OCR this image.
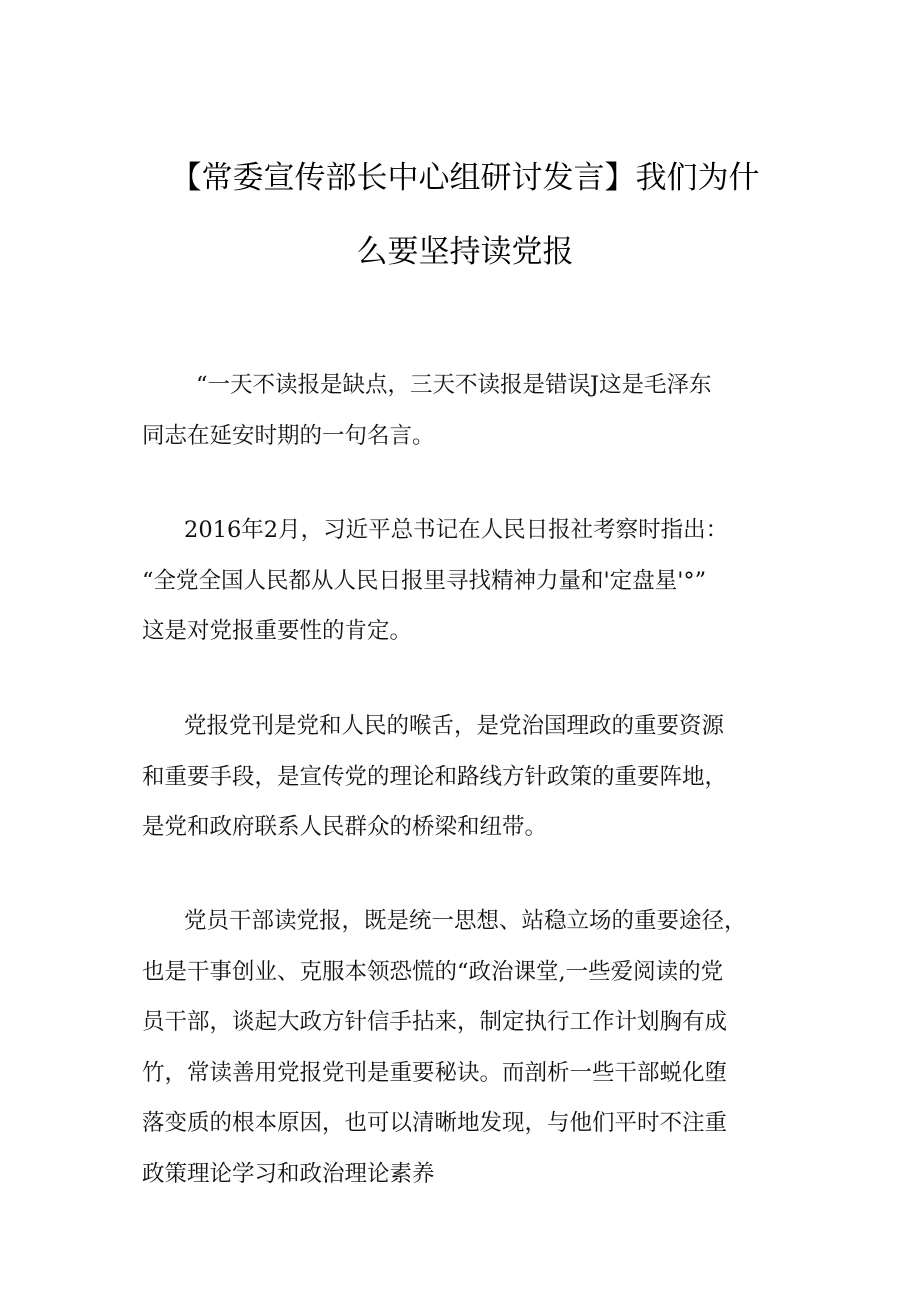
【常委宣传部长中心组研讨发言】我们为什
么要坚持读党报
“一天不读报是缺点，三天不读报是错误J这是毛泽东
同志在延安时期的一句名言。
2016年2月，习近平总书记在人民日报社考察时指出：
“全党全国人民都从人民日报里寻找精神力量和'定盘星'°”
这是对党报重要性的肯定。
党报党刊是党和人民的喉舌，是党治国理政的重要资源
和重要手段，是宣传党的理论和路线方针政策的重要阵地，
是党和政府联系人民群众的桥梁和纽带。
党员干部读党报，既是统一思想、站稳立场的重要途径，
也是干事创业、克服本领恐慌的“政治课堂,一些爱阅读的党
员干部，谈起大政方针信手拈来，制定执行工作计划胸有成
竹，常读善用党报党刊是重要秘诀。而剖析一些干部蜕化堕
落变质的根本原因，也可以清晰地发现，与他们平时不注重
政策理论学习和政治理论素养
